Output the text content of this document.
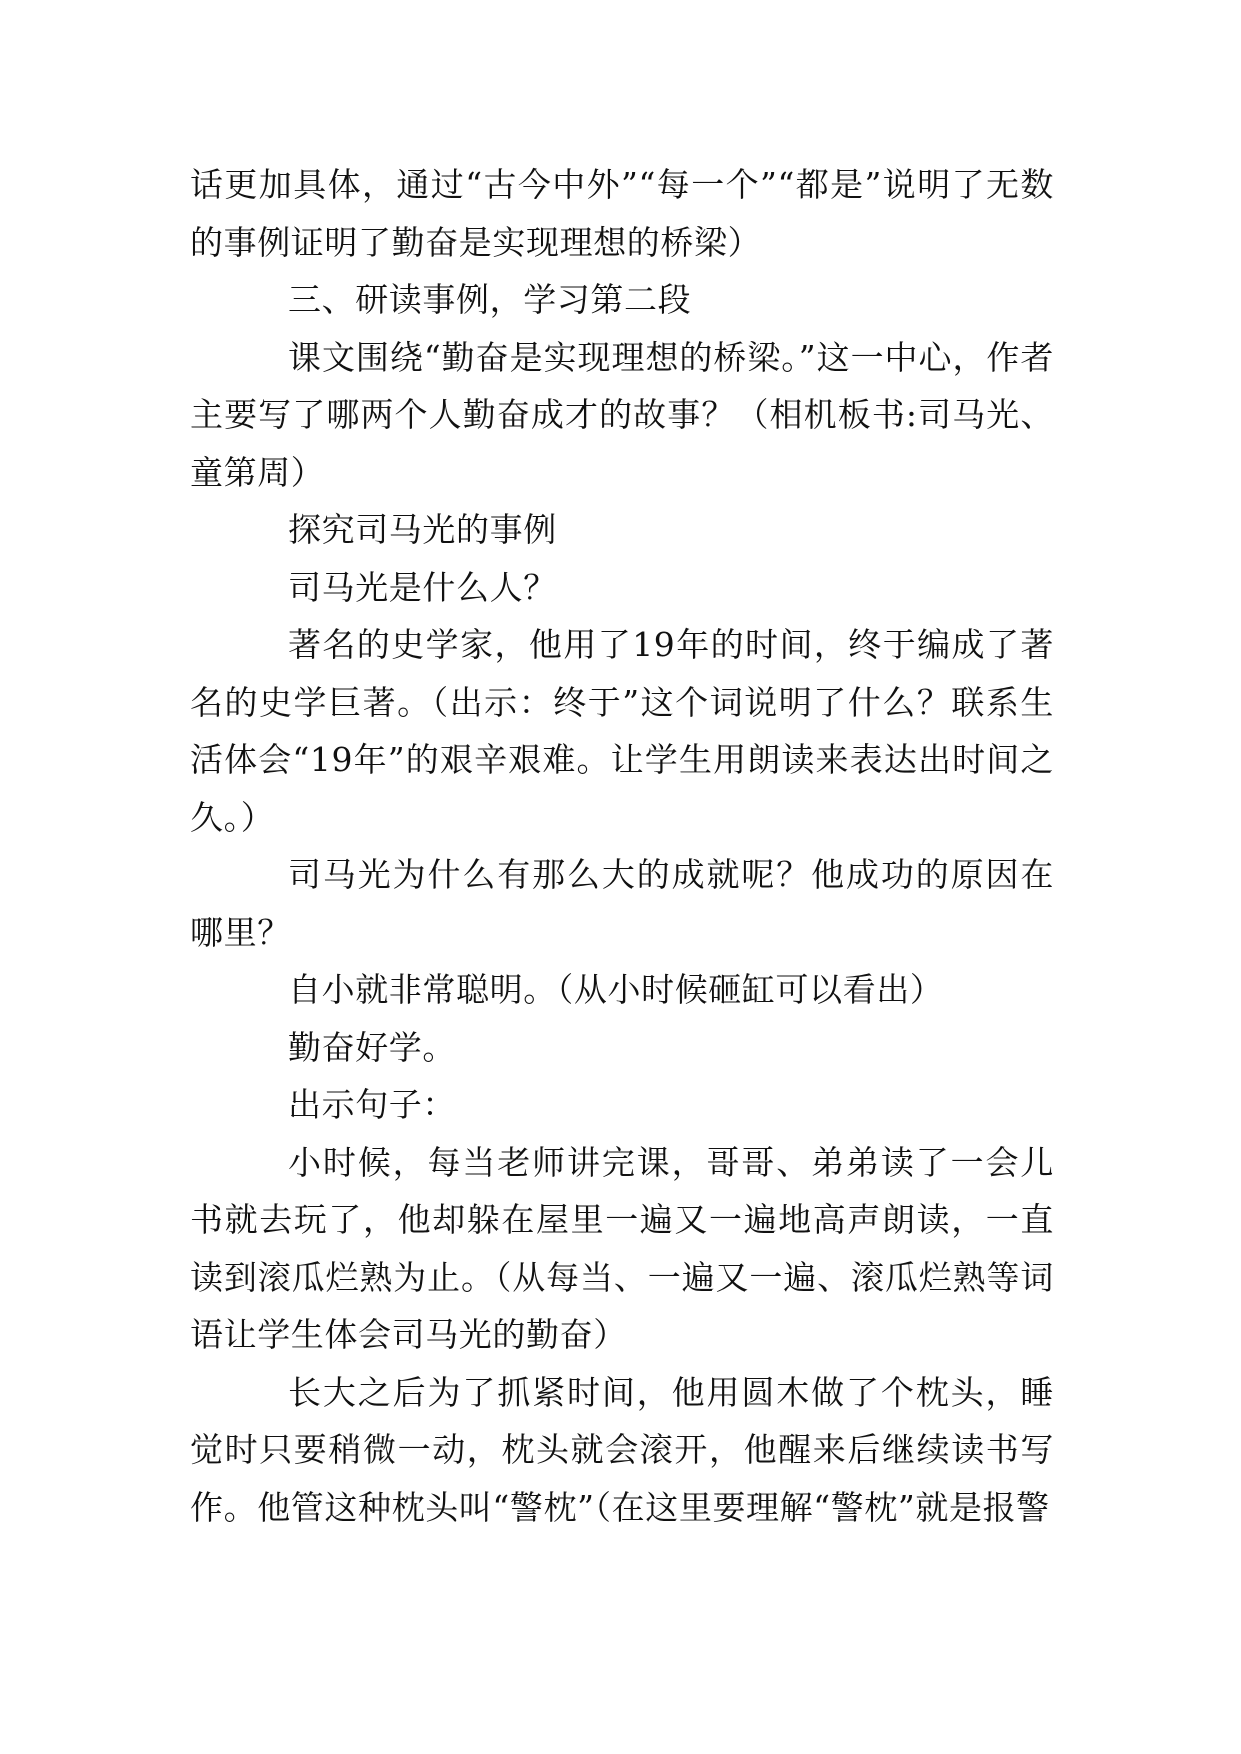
话更加具体，通过“古今中外”“每一个”“都是”说明了无数的事例证明了勤奋是实现理想的桥梁）

三、研读事例，学习第二段

课文围绕“勤奋是实现理想的桥梁。”这一中心，作者主要写了哪两个人勤奋成才的故事？（相机板书:司马光、童第周）

探究司马光的事例

司马光是什么人？

著名的史学家，他用了19年的时间，终于编成了著名的史学巨著。（出示：终于”这个词说明了什么？联系生活体会“19年”的艰辛艰难。让学生用朗读来表达出时间之久。）

司马光为什么有那么大的成就呢？他成功的原因在哪里？

自小就非常聪明。（从小时候砸缸可以看出）

勤奋好学。

出示句子：

小时候，每当老师讲完课，哥哥、弟弟读了一会儿书就去玩了，他却躲在屋里一遍又一遍地高声朗读，一直读到滚瓜烂熟为止。（从每当、一遍又一遍、滚瓜烂熟等词语让学生体会司马光的勤奋）

长大之后为了抓紧时间，他用圆木做了个枕头，睡觉时只要稍微一动，枕头就会滚开，他醒来后继续读书写作。他管这种枕头叫“警枕”（在这里要理解“警枕”就是报警
